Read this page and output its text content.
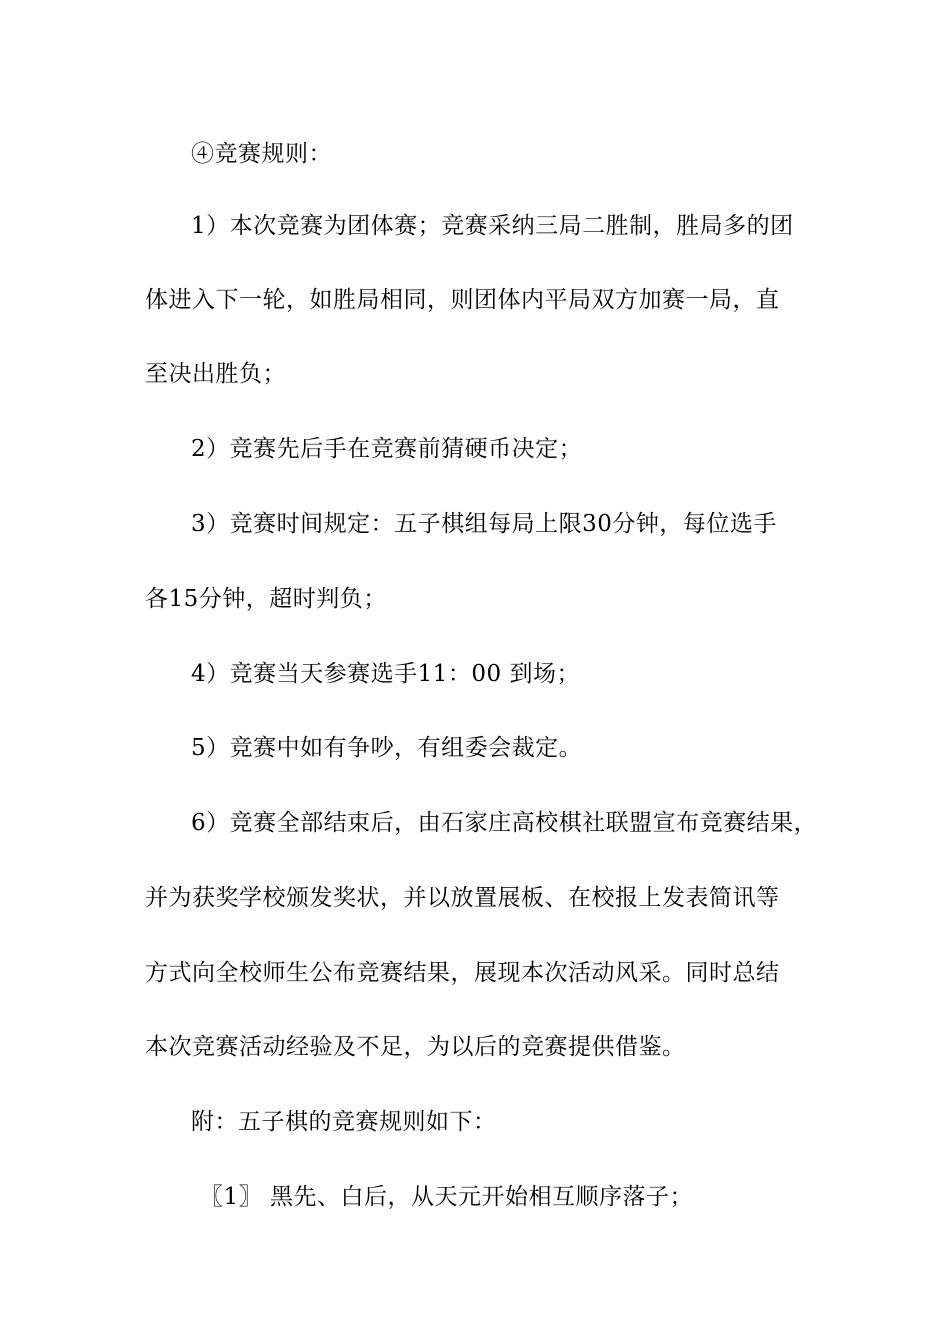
④竞赛规则：
1）本次竞赛为团体赛；竞赛采纳三局二胜制，胜局多的团
体进入下一轮，如胜局相同，则团体内平局双方加赛一局，直
至决出胜负；
2）竞赛先后手在竞赛前猜硬币决定；
3）竞赛时间规定：五子棋组每局上限30分钟，每位选手
各15分钟，超时判负；
4）竞赛当天参赛选手11：00 到场；
5）竞赛中如有争吵，有组委会裁定。
6）竞赛全部结束后，由石家庄高校棋社联盟宣布竞赛结果，
并为获奖学校颁发奖状，并以放置展板、在校报上发表简讯等
方式向全校师生公布竞赛结果，展现本次活动风采。同时总结
本次竞赛活动经验及不足，为以后的竞赛提供借鉴。
附：五子棋的竞赛规则如下：
〖1〗 黑先、白后，从天元开始相互顺序落子；
